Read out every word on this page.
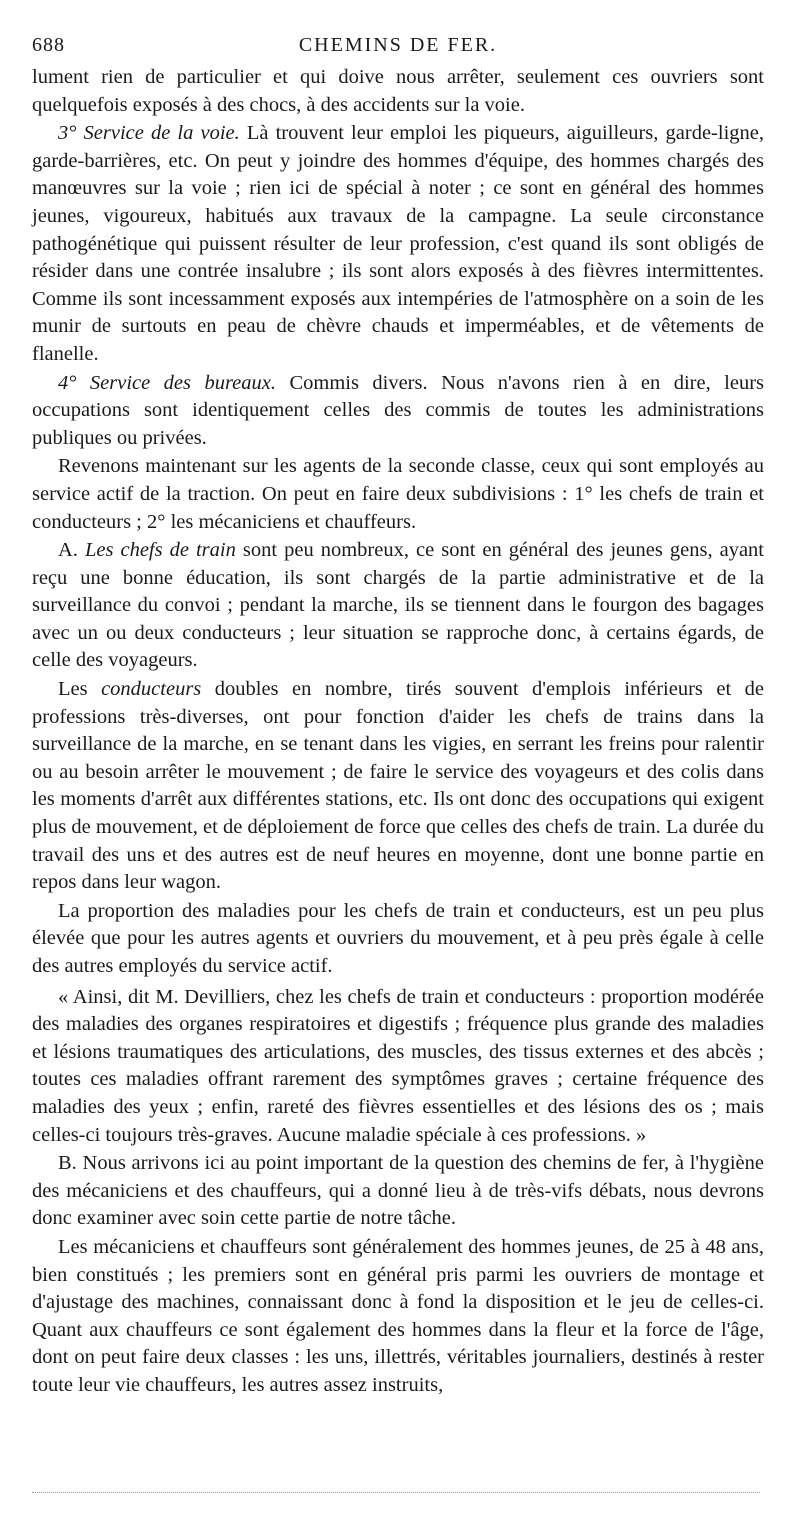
688	CHEMINS DE FER.

lument rien de particulier et qui doive nous arrêter, seulement ces ouvriers sont quelquefois exposés à des chocs, à des accidents sur la voie.

3° Service de la voie. Là trouvent leur emploi les piqueurs, aiguilleurs, garde-ligne, garde-barrières, etc. On peut y joindre des hommes d'équipe, des hommes chargés des manœuvres sur la voie ; rien ici de spécial à noter ; ce sont en général des hommes jeunes, vigoureux, habitués aux travaux de la campagne. La seule circonstance pathogénétique qui puissent résulter de leur profession, c'est quand ils sont obligés de résider dans une contrée insalubre ; ils sont alors exposés à des fièvres intermittentes. Comme ils sont incessamment exposés aux intempéries de l'atmosphère on a soin de les munir de surtouts en peau de chèvre chauds et imperméables, et de vêtements de flanelle.

4° Service des bureaux. Commis divers. Nous n'avons rien à en dire, leurs occupations sont identiquement celles des commis de toutes les administrations publiques ou privées.

Revenons maintenant sur les agents de la seconde classe, ceux qui sont employés au service actif de la traction. On peut en faire deux subdivisions : 1° les chefs de train et conducteurs ; 2° les mécaniciens et chauffeurs.

A. Les chefs de train sont peu nombreux, ce sont en général des jeunes gens, ayant reçu une bonne éducation, ils sont chargés de la partie administrative et de la surveillance du convoi ; pendant la marche, ils se tiennent dans le fourgon des bagages avec un ou deux conducteurs ; leur situation se rapproche donc, à certains égards, de celle des voyageurs.

Les conducteurs doubles en nombre, tirés souvent d'emplois inférieurs et de professions très-diverses, ont pour fonction d'aider les chefs de trains dans la surveillance de la marche, en se tenant dans les vigies, en serrant les freins pour ralentir ou au besoin arrêter le mouvement ; de faire le service des voyageurs et des colis dans les moments d'arrêt aux différentes stations, etc. Ils ont donc des occupations qui exigent plus de mouvement, et de déploiement de force que celles des chefs de train. La durée du travail des uns et des autres est de neuf heures en moyenne, dont une bonne partie en repos dans leur wagon.

La proportion des maladies pour les chefs de train et conducteurs, est un peu plus élevée que pour les autres agents et ouvriers du mouvement, et à peu près égale à celle des autres employés du service actif.

« Ainsi, dit M. Devilliers, chez les chefs de train et conducteurs : proportion modérée des maladies des organes respiratoires et digestifs ; fréquence plus grande des maladies et lésions traumatiques des articulations, des muscles, des tissus externes et des abcès ; toutes ces maladies offrant rarement des symptômes graves ; certaine fréquence des maladies des yeux ; enfin, rareté des fièvres essentielles et des lésions des os ; mais celles-ci toujours très-graves. Aucune maladie spéciale à ces professions. »

B. Nous arrivons ici au point important de la question des chemins de fer, à l'hygiène des mécaniciens et des chauffeurs, qui a donné lieu à de très-vifs débats, nous devrons donc examiner avec soin cette partie de notre tâche.

Les mécaniciens et chauffeurs sont généralement des hommes jeunes, de 25 à 48 ans, bien constitués ; les premiers sont en général pris parmi les ouvriers de montage et d'ajustage des machines, connaissant donc à fond la disposition et le jeu de celles-ci. Quant aux chauffeurs ce sont également des hommes dans la fleur et la force de l'âge, dont on peut faire deux classes : les uns, illettrés, véritables journaliers, destinés à rester toute leur vie chauffeurs, les autres assez instruits,
